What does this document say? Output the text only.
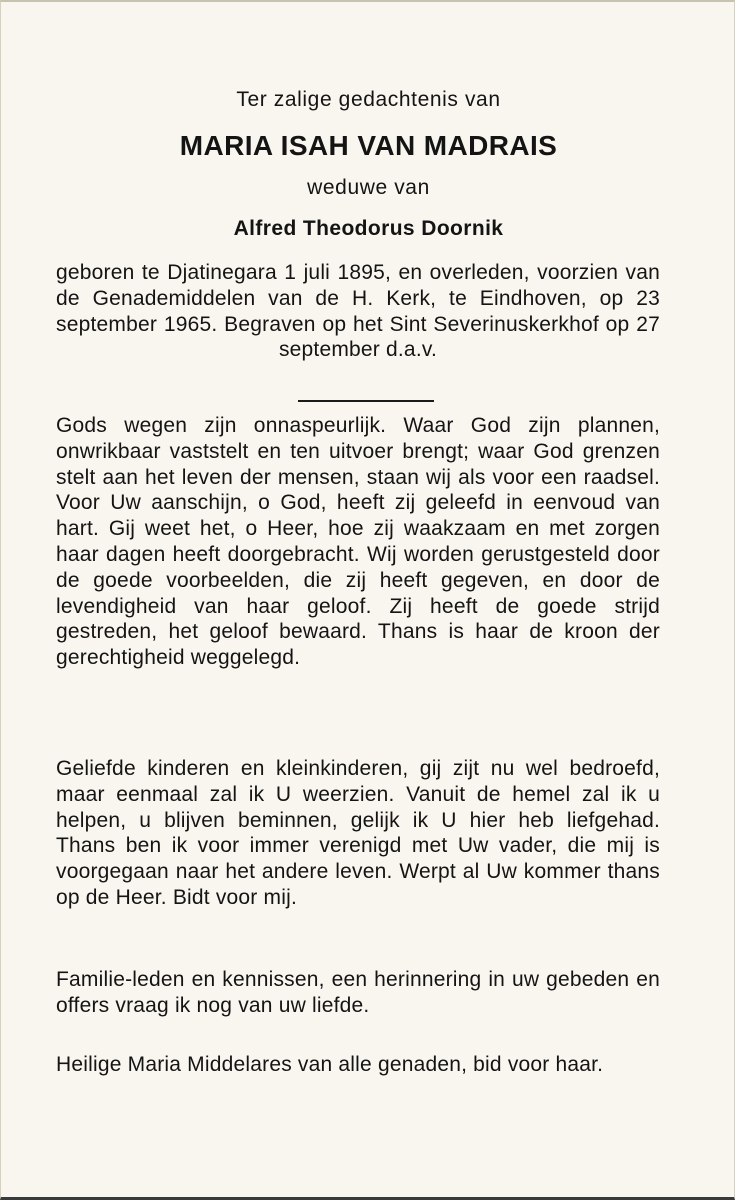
Ter zalige gedachtenis van
MARIA ISAH VAN MADRAIS
weduwe van
Alfred Theodorus Doornik
geboren te Djatinegara 1 juli 1895, en overleden, voorzien van de Genademiddelen van de H. Kerk, te Eindhoven, op 23 september 1965. Begraven op het Sint Severinuskerkhof op 27 september d.a.v.
Gods wegen zijn onnaspeurlijk. Waar God zijn plannen, onwrikbaar vaststelt en ten uitvoer brengt; waar God grenzen stelt aan het leven der mensen, staan wij als voor een raadsel. Voor Uw aanschijn, o God, heeft zij geleefd in eenvoud van hart. Gij weet het, o Heer, hoe zij waakzaam en met zorgen haar dagen heeft doorgebracht. Wij worden gerustgesteld door de goede voorbeelden, die zij heeft gegeven, en door de levendigheid van haar geloof. Zij heeft de goede strijd gestreden, het geloof bewaard. Thans is haar de kroon der gerechtigheid weggelegd.
Geliefde kinderen en kleinkinderen, gij zijt nu wel bedroefd, maar eenmaal zal ik U weerzien. Vanuit de hemel zal ik u helpen, u blijven beminnen, gelijk ik U hier heb liefgehad. Thans ben ik voor immer verenigd met Uw vader, die mij is voorgegaan naar het andere leven. Werpt al Uw kommer thans op de Heer. Bidt voor mij.
Familie-leden en kennissen, een herinnering in uw gebeden en offers vraag ik nog van uw liefde.
Heilige Maria Middelares van alle genaden, bid voor haar.
